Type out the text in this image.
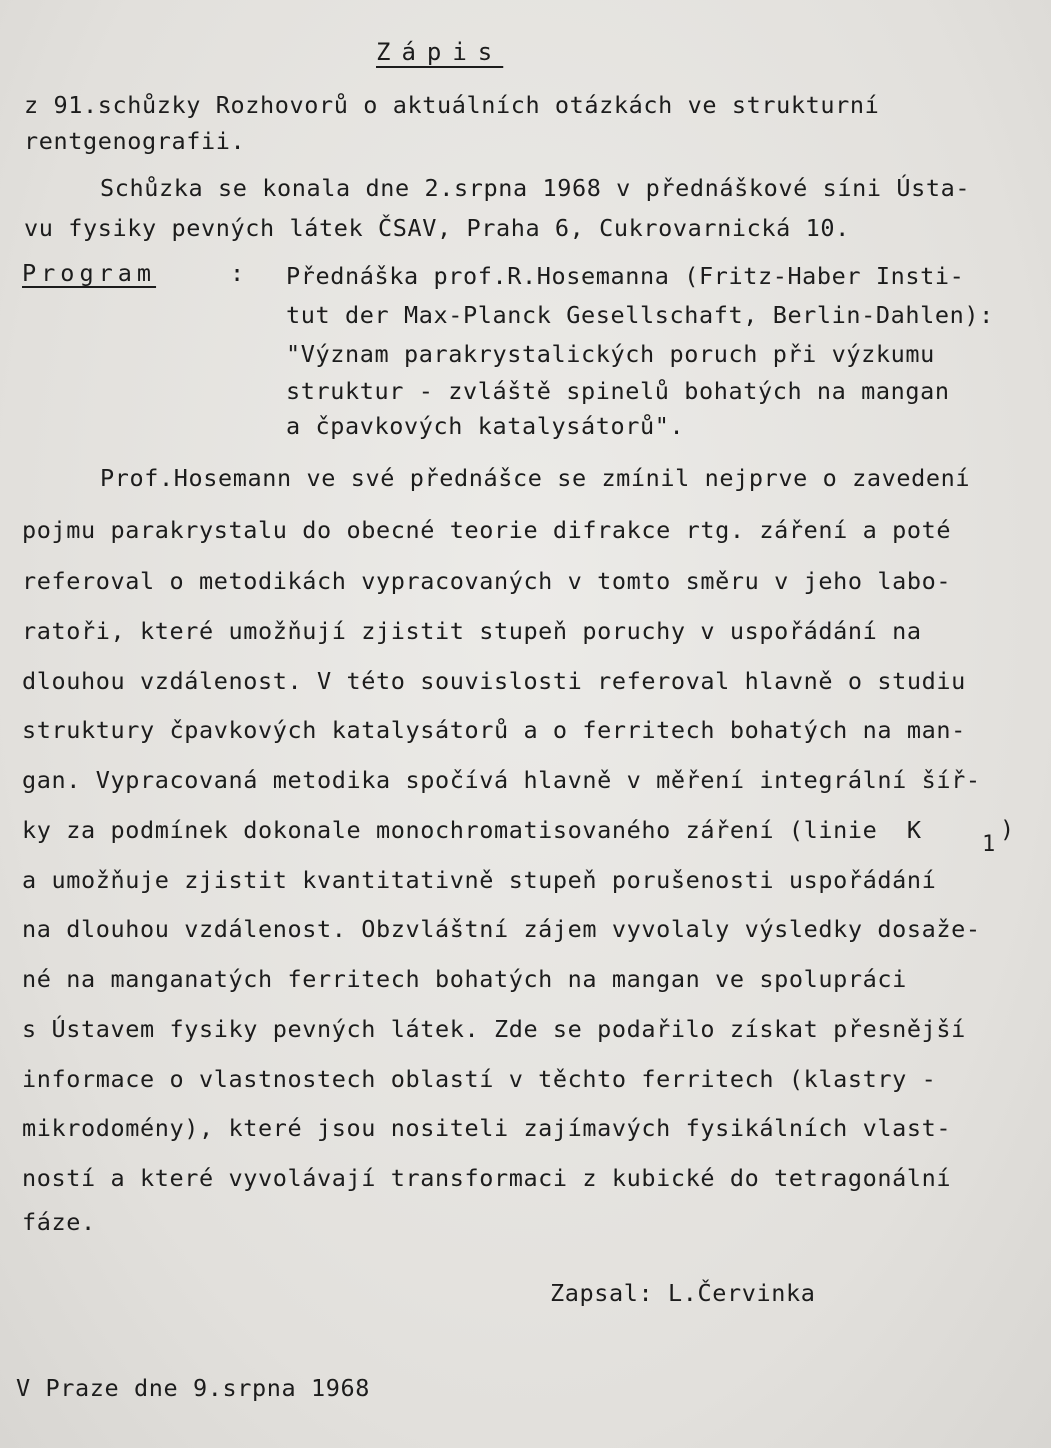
Zápis
z 91.schůzky Rozhovorů o aktuálních otázkách ve strukturní
rentgenografii.
Schůzka se konala dne 2.srpna 1968 v přednáškové síni Ústa-
vu fysiky pevných látek ČSAV, Praha 6, Cukrovarnická 10.
Program	: Přednáška prof.R.Hosemanna (Fritz-Haber Insti-
tut der Max-Planck Gesellschaft, Berlin-Dahlen):
"Význam parakrystalických poruch při výzkumu
struktur - zvláště spinelů bohatých na mangan
a čpavkových katalysátorů".
Prof.Hosemann ve své přednášce se zmínil nejprve o zavedení
pojmu parakrystalu do obecné teorie difrakce rtg. záření a poté
referoval o metodikách vypracovaných v tomto směru v jeho labo-
ratoři, které umožňují zjistit stupeň poruchy v uspořádání na
dlouhou vzdálenost. V této souvislosti referoval hlavně o studiu
struktury čpavkových katalysátorů a o ferritech bohatých na man-
gan. Vypracovaná metodika spočívá hlavně v měření integrální šíř-
ky za podmínek dokonale monochromatisovaného záření (linie  K
1
)
a umožňuje zjistit kvantitativně stupeň porušenosti uspořádání
na dlouhou vzdálenost. Obzvláštní zájem vyvolaly výsledky dosaže-
né na manganatých ferritech bohatých na mangan ve spolupráci
s Ústavem fysiky pevných látek. Zde se podařilo získat přesnější
informace o vlastnostech oblastí v těchto ferritech (klastry -
mikrodomény), které jsou nositeli zajímavých fysikálních vlast-
ností a které vyvolávají transformaci z kubické do tetragonální
fáze.
Zapsal: L.Červinka
V Praze dne 9.srpna 1968
